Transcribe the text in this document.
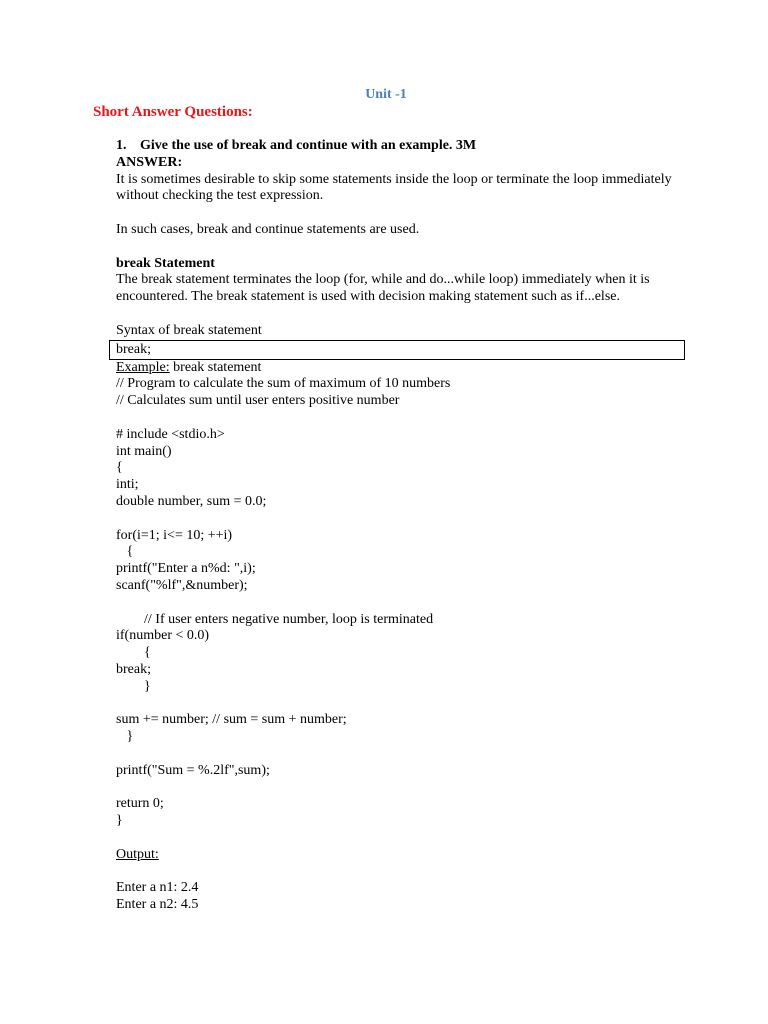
Unit -1
Short Answer Questions:
1. Give the use of break and continue with an example. 3M
ANSWER:
It is sometimes desirable to skip some statements inside the loop or terminate the loop immediately without checking the test expression.
In such cases, break and continue statements are used.
break Statement
The break statement terminates the loop (for, while and do...while loop) immediately when it is encountered. The break statement is used with decision making statement such as if...else.
Syntax of break statement
break;
Example: break statement
// Program to calculate the sum of maximum of 10 numbers
// Calculates sum until user enters positive number
# include <stdio.h>
int main()
{
inti;
double number, sum = 0.0;
for(i=1; i<= 10; ++i)
{
printf("Enter a n%d: ",i);
scanf("%lf",&number);
// If user enters negative number, loop is terminated
if(number < 0.0)
{
break;
}
sum += number; // sum = sum + number;
}
printf("Sum = %.2lf",sum);
return 0;
}
Output:
Enter a n1: 2.4
Enter a n2: 4.5
